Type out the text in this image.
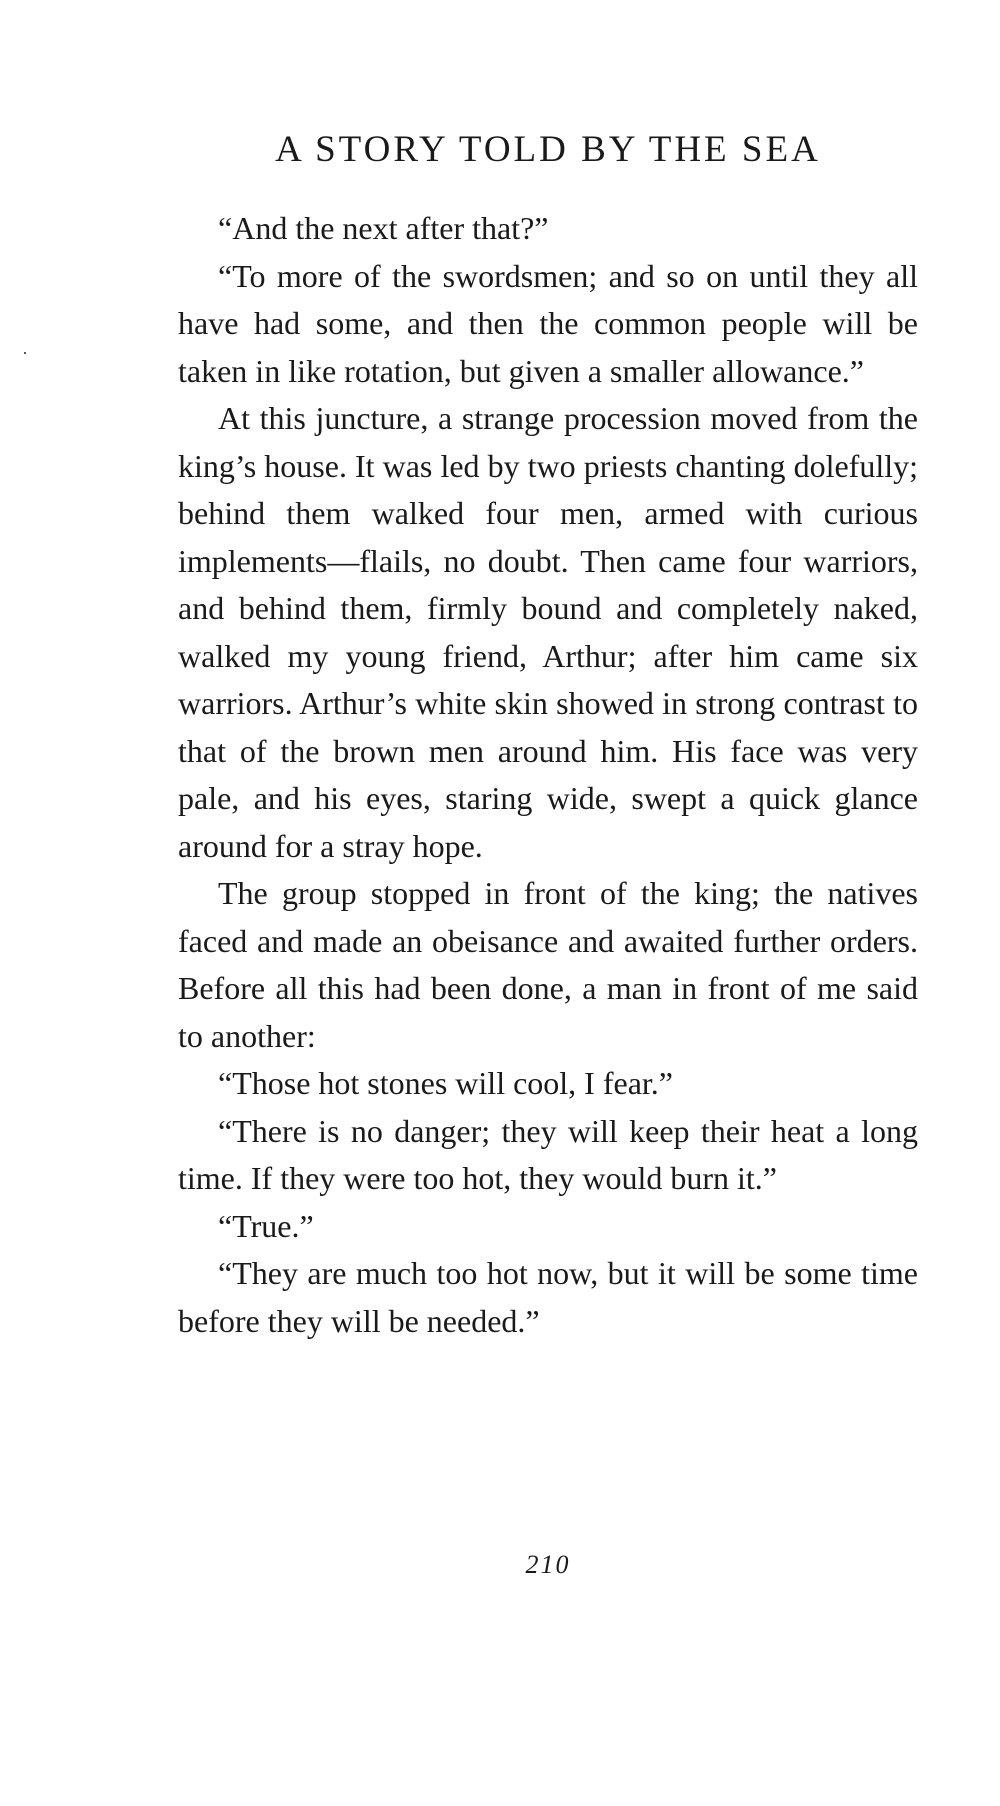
A STORY TOLD BY THE SEA

“And the next after that?”

“To more of the swordsmen; and so on until they all have had some, and then the common people will be taken in like rotation, but given a smaller allowance.”

At this juncture, a strange procession moved from the king’s house. It was led by two priests chanting dolefully; behind them walked four men, armed with curious implements—flails, no doubt. Then came four warriors, and behind them, firmly bound and completely naked, walked my young friend, Arthur; after him came six warriors. Arthur’s white skin showed in strong contrast to that of the brown men around him. His face was very pale, and his eyes, staring wide, swept a quick glance around for a stray hope.

The group stopped in front of the king; the natives faced and made an obeisance and awaited further orders. Before all this had been done, a man in front of me said to another:

“Those hot stones will cool, I fear.”

“There is no danger; they will keep their heat a long time. If they were too hot, they would burn it.”

“True.”

“They are much too hot now, but it will be some time before they will be needed.”

210
